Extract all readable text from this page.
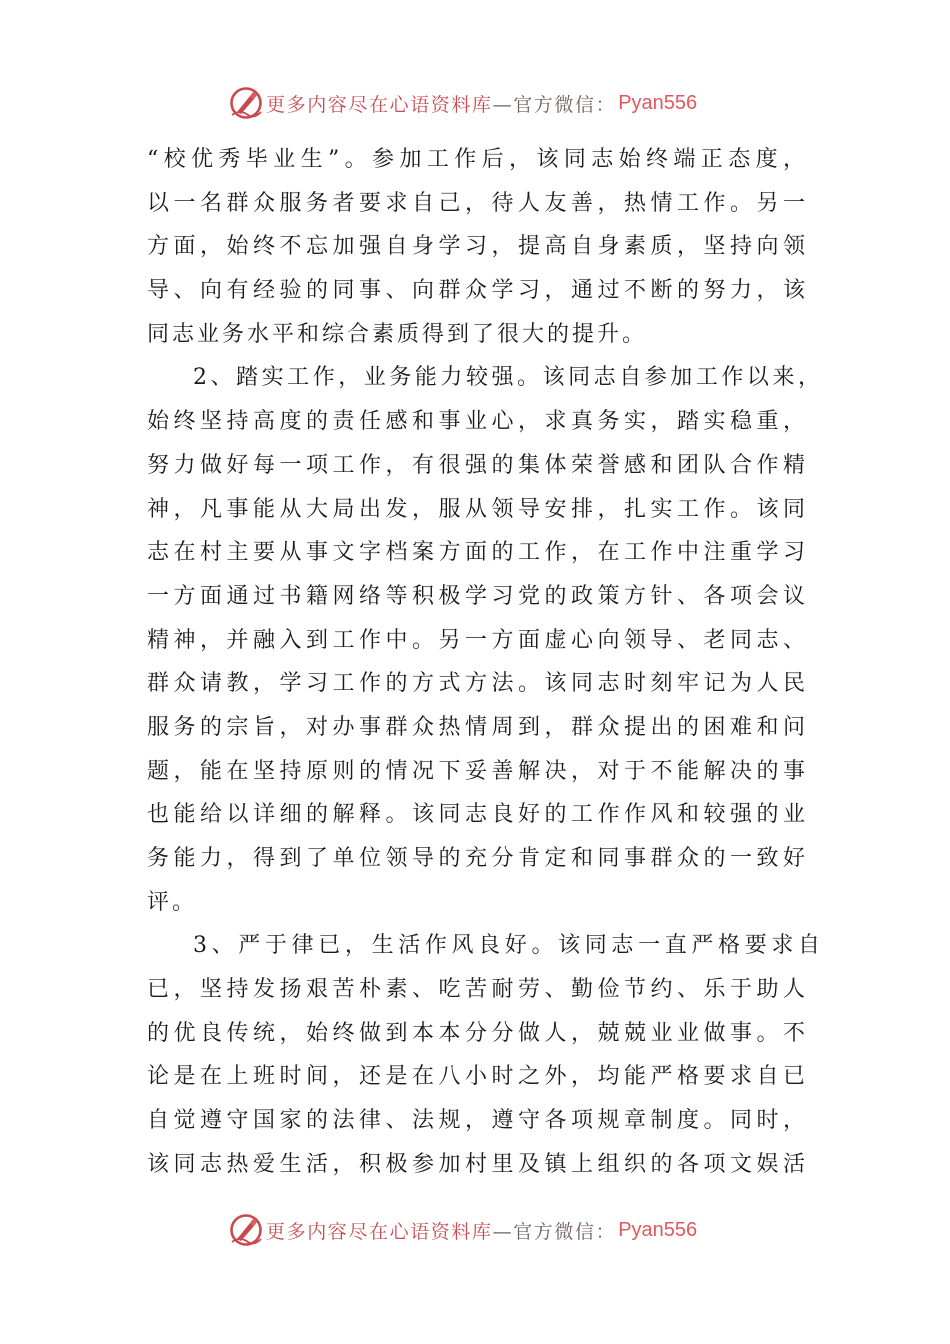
更多内容尽在心语资料库 —官方微信： Pyan556
“校优秀毕业生”。参加工作后，该同志始终端正态度，
以一名群众服务者要求自己，待人友善，热情工作。另一
方面，始终不忘加强自身学习，提高自身素质，坚持向领
导、向有经验的同事、向群众学习，通过不断的努力，该
同志业务水平和综合素质得到了很大的提升。
2、踏实工作，业务能力较强。该同志自参加工作以来，
始终坚持高度的责任感和事业心，求真务实，踏实稳重，
努力做好每一项工作，有很强的集体荣誉感和团队合作精
神，凡事能从大局出发，服从领导安排，扎实工作。该同
志在村主要从事文字档案方面的工作，在工作中注重学习
一方面通过书籍网络等积极学习党的政策方针、各项会议
精神，并融入到工作中。另一方面虚心向领导、老同志、
群众请教，学习工作的方式方法。该同志时刻牢记为人民
服务的宗旨，对办事群众热情周到，群众提出的困难和问
题，能在坚持原则的情况下妥善解决，对于不能解决的事
也能给以详细的解释。该同志良好的工作作风和较强的业
务能力，得到了单位领导的充分肯定和同事群众的一致好
评。
3、严于律已，生活作风良好。该同志一直严格要求自
已，坚持发扬艰苦朴素、吃苦耐劳、勤俭节约、乐于助人
的优良传统，始终做到本本分分做人，兢兢业业做事。不
论是在上班时间，还是在八小时之外，均能严格要求自已
自觉遵守国家的法律、法规，遵守各项规章制度。同时，
该同志热爱生活，积极参加村里及镇上组织的各项文娱活
更多内容尽在心语资料库 —官方微信： Pyan556
